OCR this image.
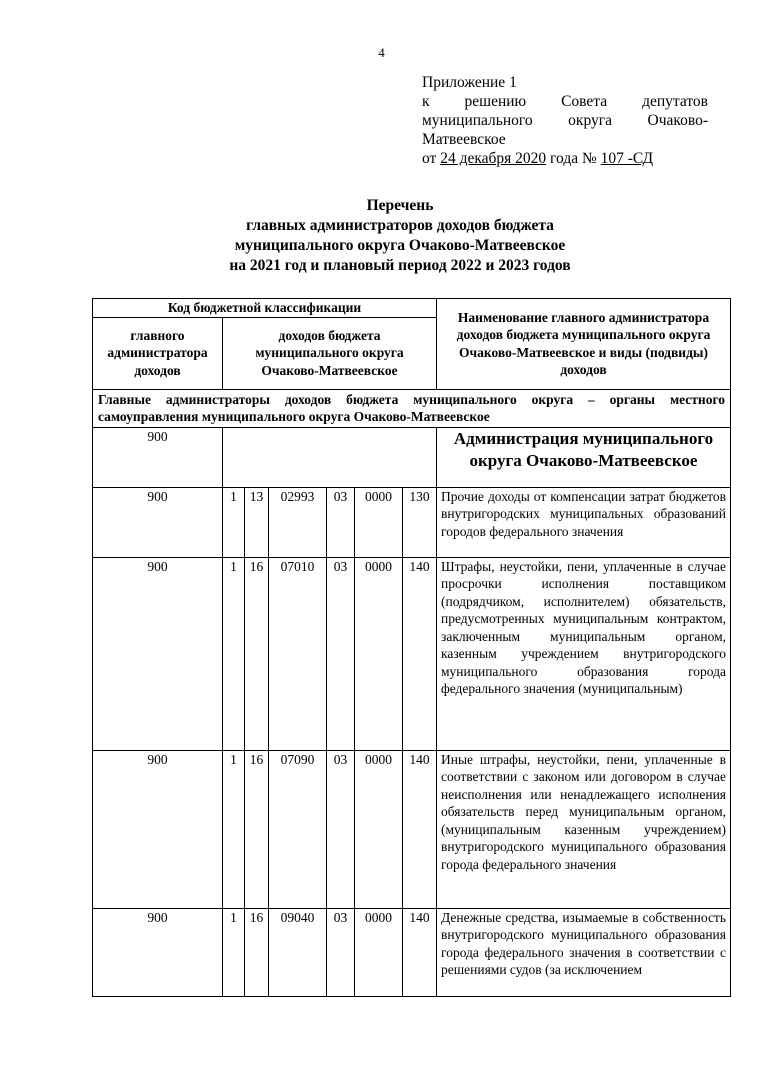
4
Приложение 1
к решению Совета депутатов
муниципального округа Очаково-
Матвеевское
от 24 декабря 2020 года № 107 -СД
Перечень
главных администраторов доходов бюджета
муниципального округа Очаково-Матвеевское
на 2021 год и плановый период 2022 и 2023 годов
Код бюджетной классификации							Наименование главного администратора доходов бюджета муниципального округа Очаково-Матвеевское и виды (подвиды) доходов
главного администратора доходов	доходов бюджета муниципального округа Очаково-Матвеевское						
Главные администраторы доходов бюджета муниципального округа – органы местного самоуправления муниципального округа Очаково-Матвеевское							
900							Администрация муниципального округа Очаково-Матвеевское
900	1	13	02993	03	0000	130	Прочие доходы от компенсации затрат бюджетов внутригородских муниципальных образований городов федерального значения
900	1	16	07010	03	0000	140	Штрафы, неустойки, пени, уплаченные в случае просрочки исполнения поставщиком (подрядчиком, исполнителем) обязательств, предусмотренных муниципальным контрактом, заключенным муниципальным органом, казенным учреждением внутригородского муниципального образования города федерального значения (муниципальным)
900	1	16	07090	03	0000	140	Иные штрафы, неустойки, пени, уплаченные в соответствии с законом или договором в случае неисполнения или ненадлежащего исполнения обязательств перед муниципальным органом, (муниципальным казенным учреждением) внутригородского муниципального образования города федерального значения
900	1	16	09040	03	0000	140	Денежные средства, изымаемые в собственность внутригородского муниципального образования города федерального значения в соответствии с решениями судов (за исключением
